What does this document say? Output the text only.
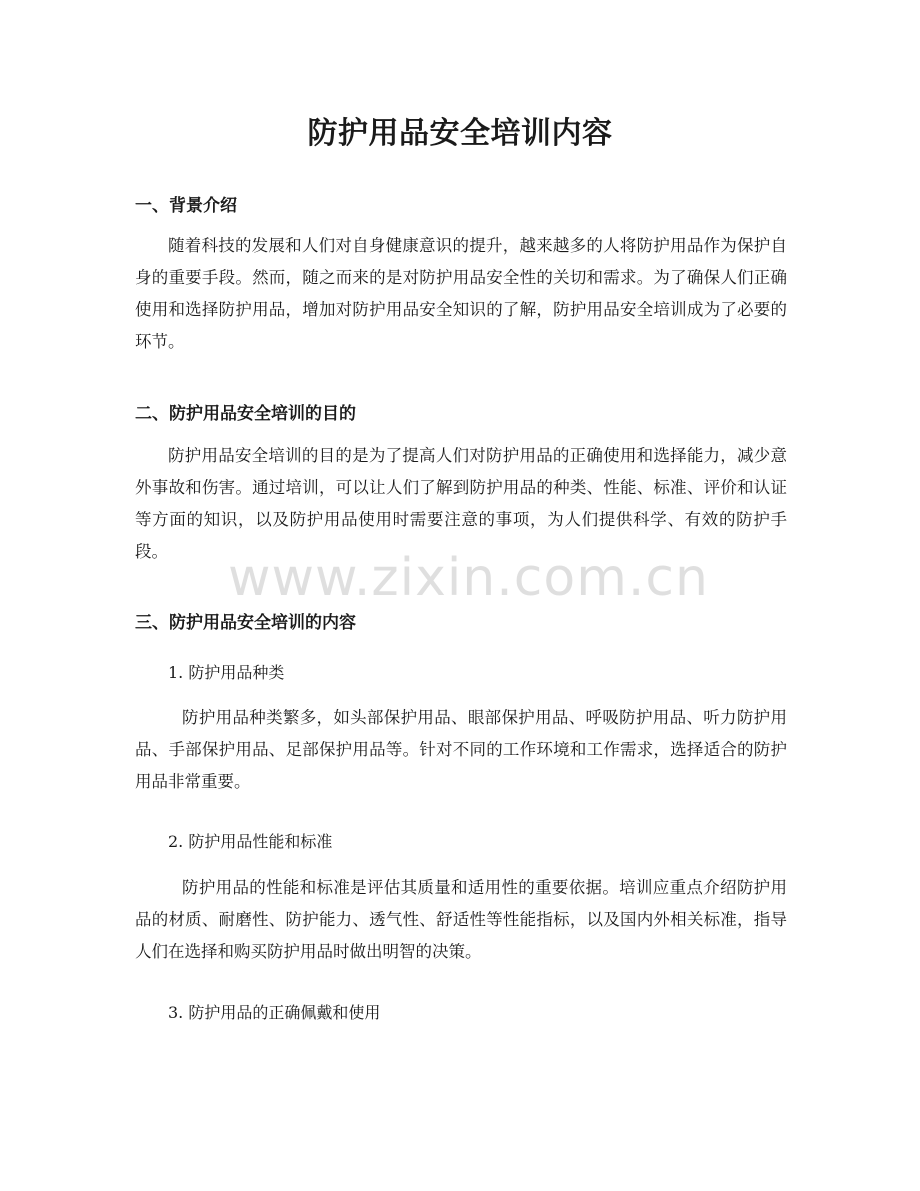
防护用品安全培训内容
一、背景介绍

随着科技的发展和人们对自身健康意识的提升，越来越多的人将防护用品作为保护自身的重要手段。然而，随之而来的是对防护用品安全性的关切和需求。为了确保人们正确使用和选择防护用品，增加对防护用品安全知识的了解，防护用品安全培训成为了必要的环节。

二、防护用品安全培训的目的

防护用品安全培训的目的是为了提高人们对防护用品的正确使用和选择能力，减少意外事故和伤害。通过培训，可以让人们了解到防护用品的种类、性能、标准、评价和认证等方面的知识，以及防护用品使用时需要注意的事项，为人们提供科学、有效的防护手段。

三、防护用品安全培训的内容

1. 防护用品种类

防护用品种类繁多，如头部保护用品、眼部保护用品、呼吸防护用品、听力防护用品、手部保护用品、足部保护用品等。针对不同的工作环境和工作需求，选择适合的防护用品非常重要。

2. 防护用品性能和标准

防护用品的性能和标准是评估其质量和适用性的重要依据。培训应重点介绍防护用品的材质、耐磨性、防护能力、透气性、舒适性等性能指标，以及国内外相关标准，指导人们在选择和购买防护用品时做出明智的决策。

3. 防护用品的正确佩戴和使用

www.zixin.com.cn
